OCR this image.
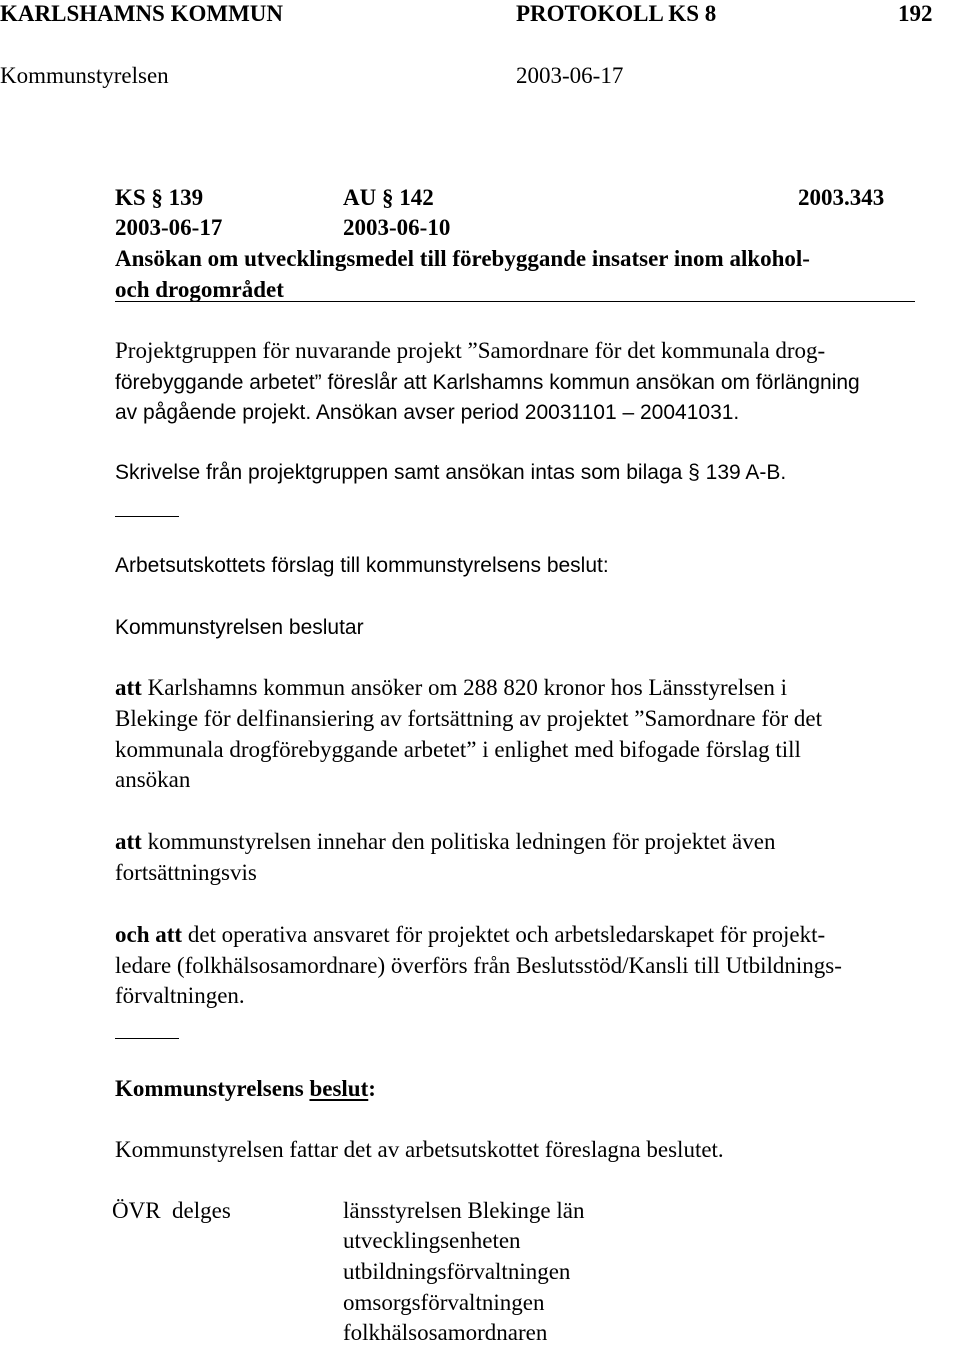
KARLSHAMNS KOMMUN	PROTOKOLL KS 8	192
Kommunstyrelsen	2003-06-17
KS § 139	AU § 142	2003.343
2003-06-17	2003-06-10
Ansökan om utvecklingsmedel till förebyggande insatser inom alkohol-
och drogområdet
Projektgruppen för nuvarande projekt ”Samordnare för det kommunala drog-
förebyggande arbetet” föreslår att Karlshamns kommun ansökan om förlängning
av pågående projekt. Ansökan avser period 20031101 – 20041031.
Skrivelse från projektgruppen samt ansökan intas som bilaga § 139 A-B.
Arbetsutskottets förslag till kommunstyrelsens beslut:
Kommunstyrelsen beslutar
att Karlshamns kommun ansöker om 288 820 kronor hos Länsstyrelsen i
Blekinge för delfinansiering av fortsättning av projektet ”Samordnare för det
kommunala drogförebyggande arbetet” i enlighet med bifogade förslag till
ansökan
att kommunstyrelsen innehar den politiska ledningen för projektet även
fortsättningsvis
och att det operativa ansvaret för projektet och arbetsledarskapet för projekt-
ledare (folkhälsosamordnare) överförs från Beslutsstöd/Kansli till Utbildnings-
förvaltningen.
Kommunstyrelsens beslut:
Kommunstyrelsen fattar det av arbetsutskottet föreslagna beslutet.
ÖVR  delges	länsstyrelsen Blekinge län
utvecklingsenheten
utbildningsförvaltningen
omsorgsförvaltningen
folkhälsosamordnaren
